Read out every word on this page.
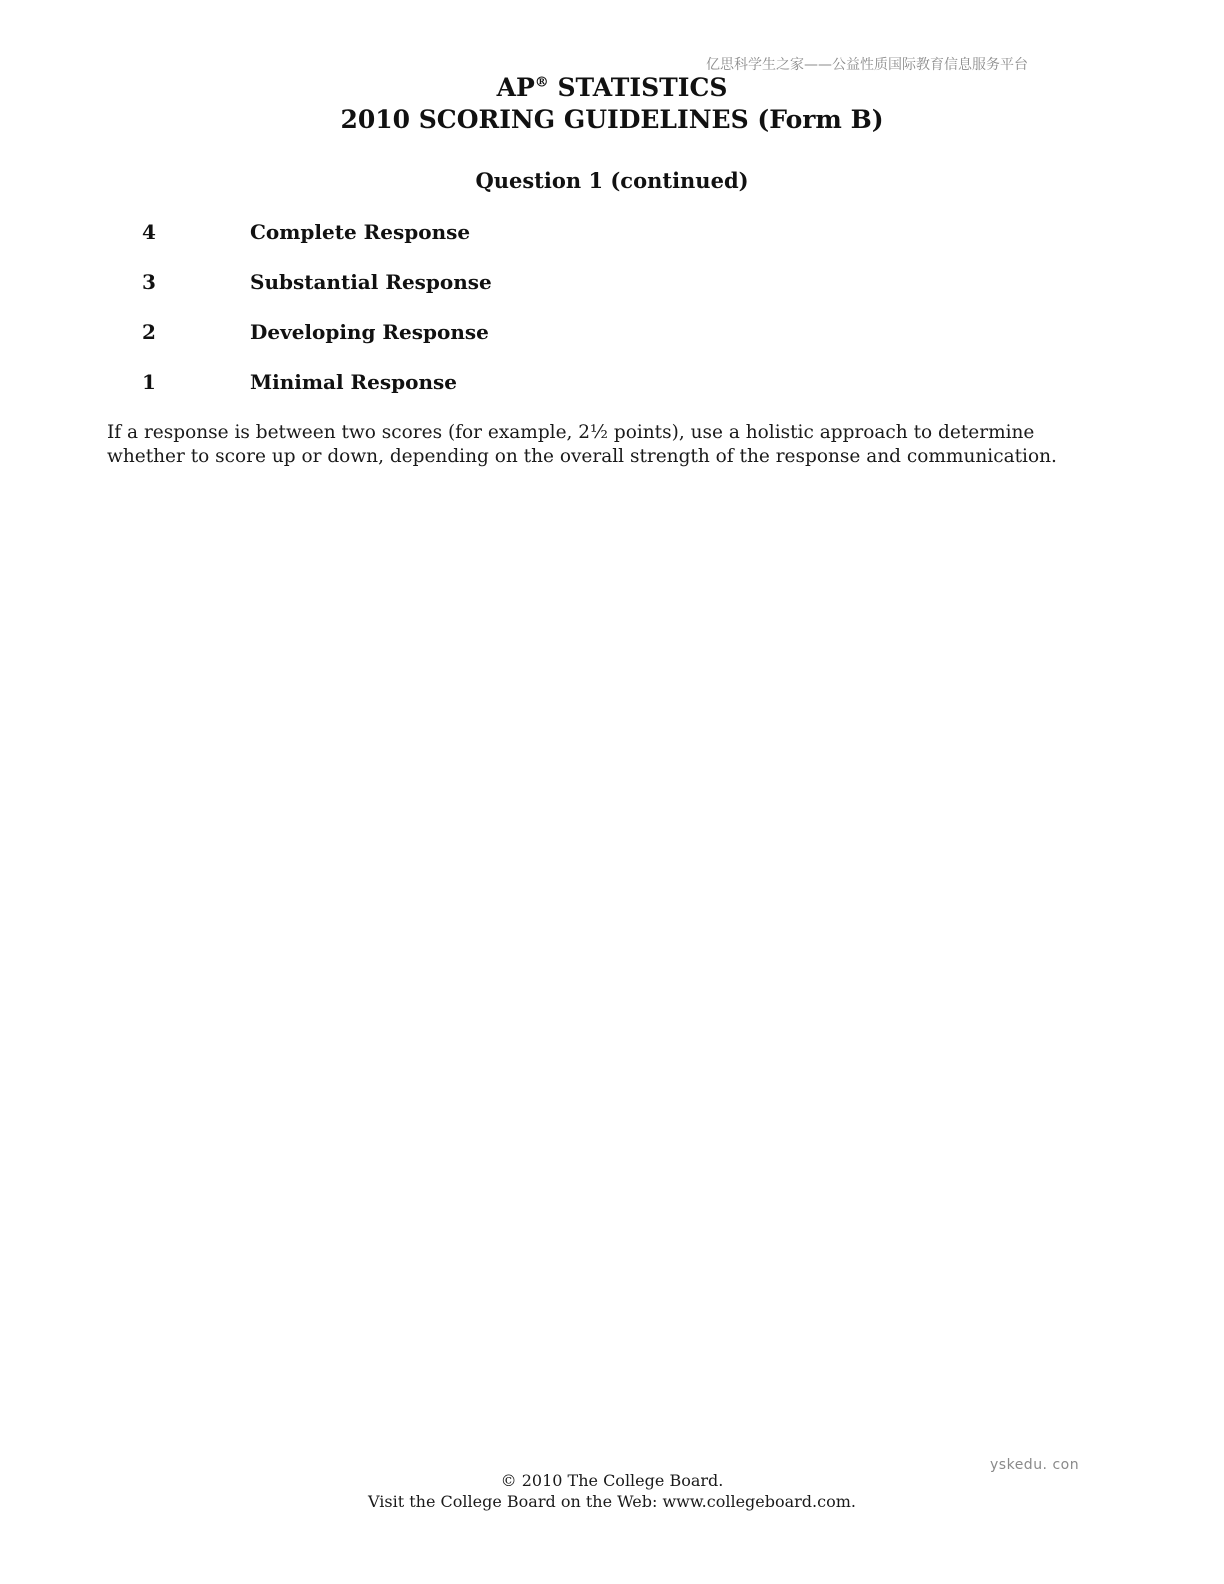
亿思科学生之家——公益性质国际教育信息服务平台
AP® STATISTICS
2010 SCORING GUIDELINES (Form B)
Question 1 (continued)
4	Complete Response
3	Substantial Response
2	Developing Response
1	Minimal Response
If a response is between two scores (for example, 2½ points), use a holistic approach to determine whether to score up or down, depending on the overall strength of the response and communication.
yskedu. con
© 2010 The College Board.
Visit the College Board on the Web: www.collegeboard.com.
